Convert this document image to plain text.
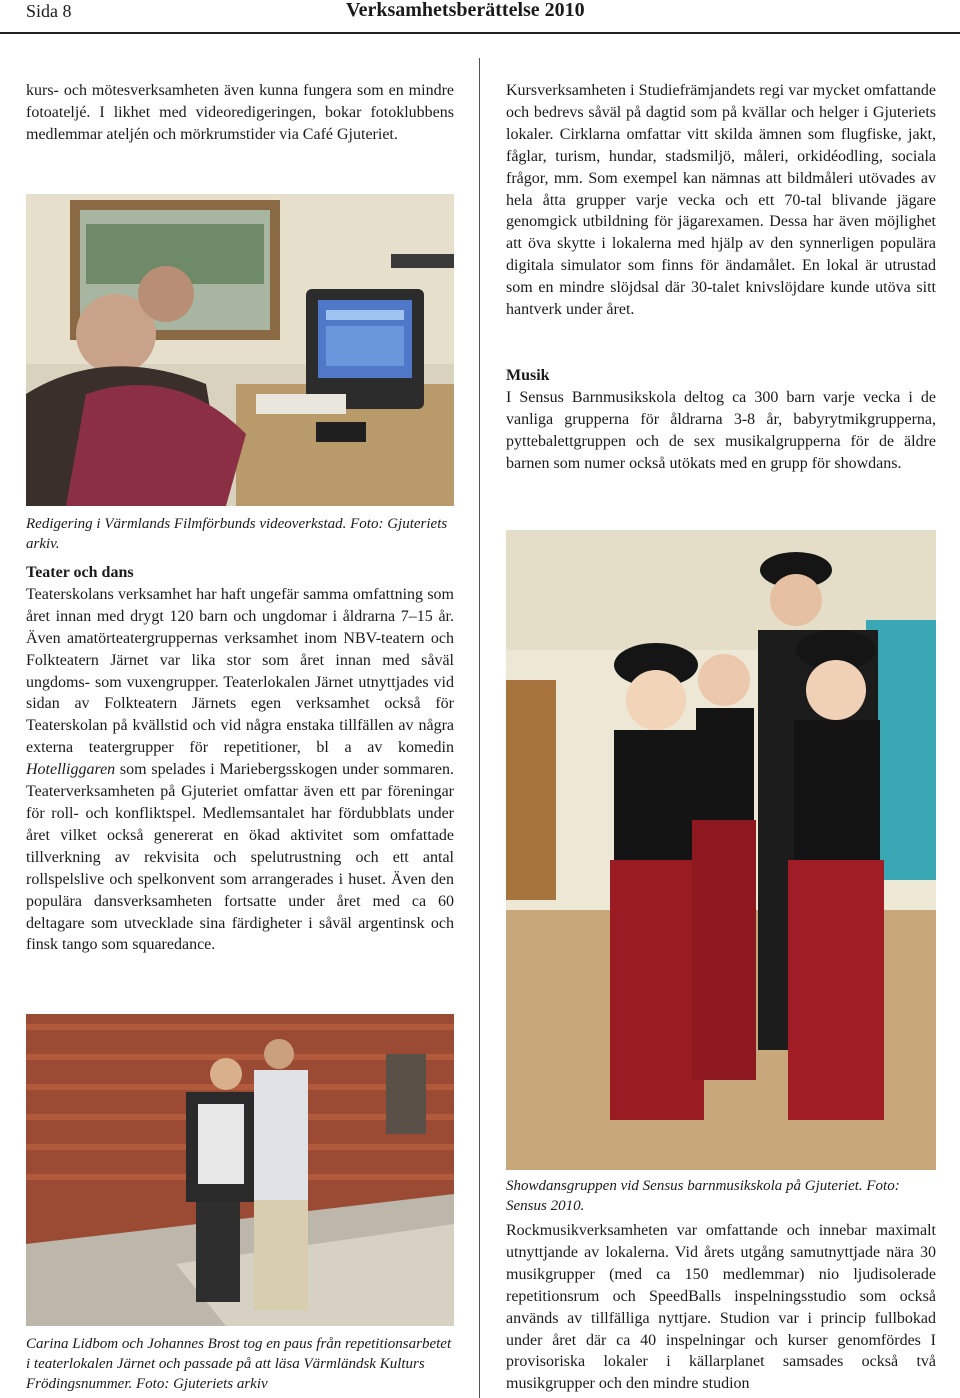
Sida 8	Verksamhetsberättelse 2010

kurs- och mötesverksamheten även kunna fungera som en mindre fotoateljé. I likhet med videoredigeringen, bokar fotoklubbens medlemmar ateljén och mörkrumstider via Café Gjuteriet.

Redigering i Värmlands Filmförbunds videoverkstad. Foto: Gjuteriets arkiv.

Teater och dans

Teaterskolans verksamhet har haft ungefär samma omfattning som året innan med drygt 120 barn och ungdomar i åldrarna 7–15 år. Även amatörteatergruppernas verksamhet inom NBV-teatern och Folkteatern Järnet var lika stor som året innan med såväl ungdoms- som vuxengrupper. Teaterlokalen Järnet utnyttjades vid sidan av Folkteatern Järnets egen verksamhet också för Teaterskolan på kvällstid och vid några enstaka tillfällen av några externa teatergrupper för repetitioner, bl a av komedin Hotelliggaren som spelades i Mariebergsskogen under sommaren. Teaterverksamheten på Gjuteriet omfattar även ett par föreningar för roll- och konfliktspel. Medlemsantalet har fördubblats under året vilket också genererat en ökad aktivitet som omfattade tillverkning av rekvisita och spelutrustning och ett antal rollspelslive och spelkonvent som arrangerades i huset. Även den populära dansverksamheten fortsatte under året med ca 60 deltagare som utvecklade sina färdigheter i såväl argentinsk och finsk tango som squaredance.

Carina Lidbom och Johannes Brost tog en paus från repetitionsarbetet i teaterlokalen Järnet och passade på att läsa Värmländsk Kulturs Frödingsnummer. Foto: Gjuteriets arkiv

Kursverksamheten i Studiefrämjandets regi var mycket omfattande och bedrevs såväl på dagtid som på kvällar och helger i Gjuteriets lokaler. Cirklarna omfattar vitt skilda ämnen som flugfiske, jakt, fåglar, turism, hundar, stadsmiljö, måleri, orkidéodling, sociala frågor, mm. Som exempel kan nämnas att bildmåleri utövades av hela åtta grupper varje vecka och ett 70-tal blivande jägare genomgick utbildning för jägarexamen. Dessa har även möjlighet att öva skytte i lokalerna med hjälp av den synnerligen populära digitala simulator som finns för ändamålet. En lokal är utrustad som en mindre slöjdsal där 30-talet knivslöjdare kunde utöva sitt hantverk under året.

Musik

I Sensus Barnmusikskola deltog ca 300 barn varje vecka i de vanliga grupperna för åldrarna 3-8 år, babyrytmikgrupperna, pyttebalettgruppen och de sex musikalgrupperna för de äldre barnen som numer också utökats med en grupp för showdans.

Showdansgruppen vid Sensus barnmusikskola på Gjuteriet. Foto: Sensus 2010.

Rockmusikverksamheten var omfattande och innebar maximalt utnyttjande av lokalerna. Vid årets utgång samutnyttjade nära 30 musikgrupper (med ca 150 medlemmar) nio ljudisolerade repetitionsrum och SpeedBalls inspelningsstudio som också används av tillfälliga nyttjare. Studion var i princip fullbokad under året där ca 40 inspelningar och kurser genomfördes I provisoriska lokaler i källarplanet samsades också två musikgrupper och den mindre studion
